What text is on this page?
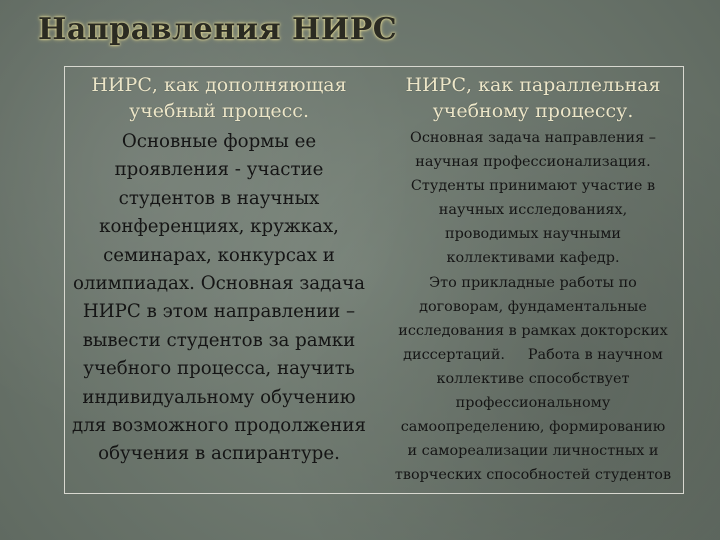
Направления НИРС
НИРС, как дополняющая
учебный процесс.
Основные формы ее
проявления - участие
студентов в научных
конференциях, кружках,
семинарах, конкурсах и
олимпиадах. Основная задача
НИРС в этом направлении –
вывести студентов за рамки
учебного процесса, научить
индивидуальному обучению
для возможного продолжения
обучения в аспирантуре.
НИРС, как параллельная
учебному процессу.
Основная задача направления –
научная профессионализация.
Студенты принимают участие в
научных исследованиях,
проводимых научными
коллективами кафедр.
Это прикладные работы по
договорам, фундаментальные
исследования в рамках докторских
диссертаций.     Работа в научном
коллективе способствует
профессиональному
самоопределению, формированию
и самореализации личностных и
творческих способностей студентов
